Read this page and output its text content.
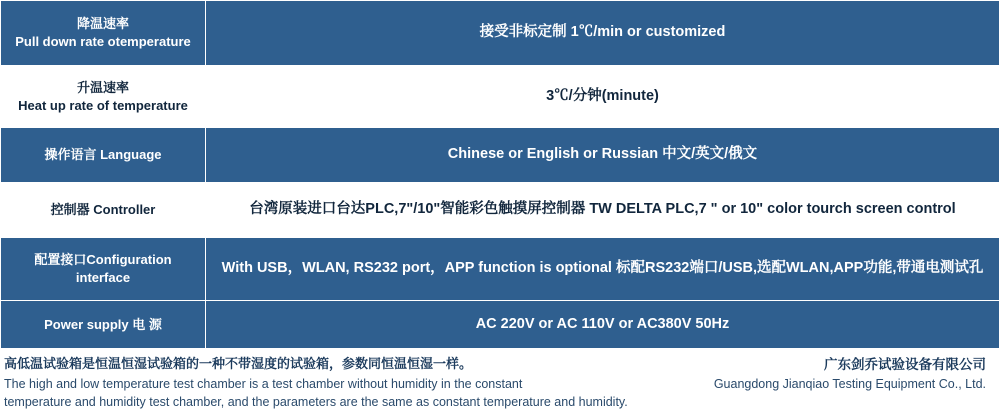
降温速率
Pull down rate otemperature	接受非标定制 1℃/min or customized

升温速率
Heat up rate of temperature	3℃/分钟(minute)

操作语言 Language	Chinese or English or Russian 中文/英文/俄文

控制器 Controller	台湾原装进口台达PLC,7"/10"智能彩色触摸屏控制器 TW DELTA PLC,7 " or 10" color tourch screen control

配置接口Configuration
interface	With USB，WLAN, RS232 port，APP function is optional 标配RS232端口/USB,选配WLAN,APP功能,带通电测试孔

Power supply 电 源	AC 220V or AC 110V or AC380V 50Hz
高低温试验箱是恒温恒湿试验箱的一种不带湿度的试验箱，参数同恒温恒湿一样。
The high and low temperature test chamber is a test chamber without humidity in the constant
temperature and humidity test chamber, and the parameters are the same as constant temperature and humidity.
广东剑乔试验设备有限公司
Guangdong Jianqiao Testing Equipment Co., Ltd.
